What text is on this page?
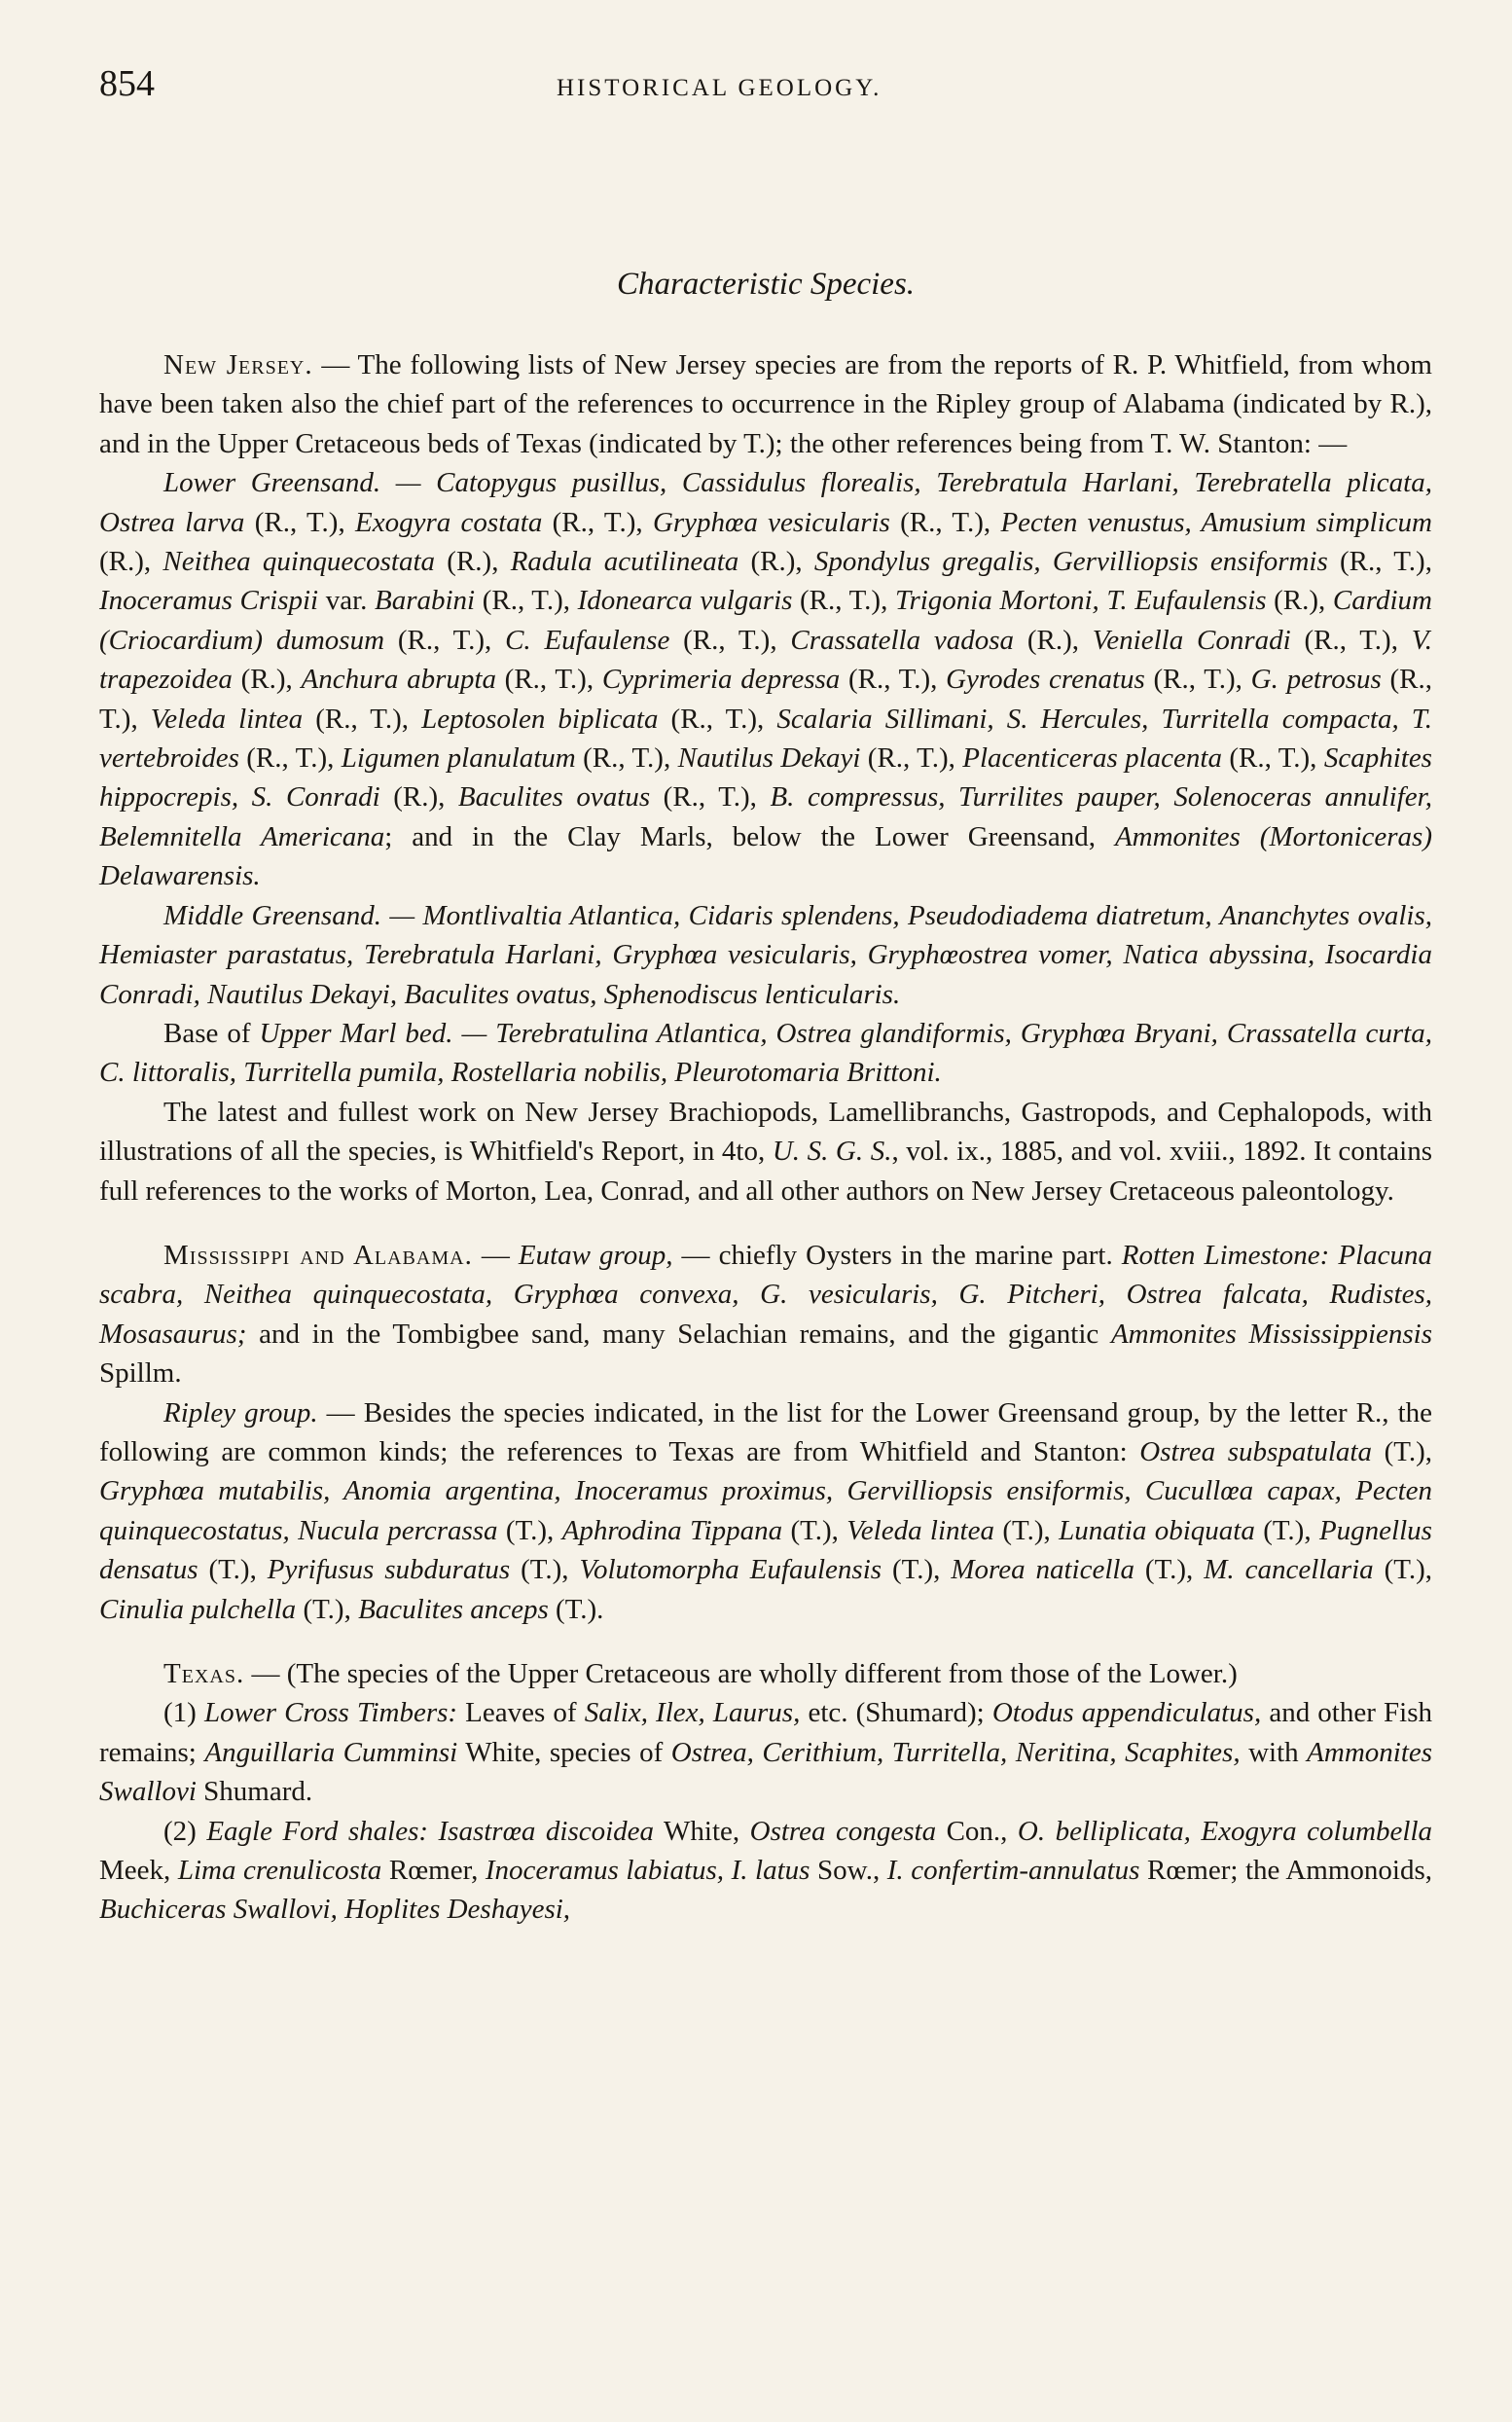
854	HISTORICAL GEOLOGY.
Characteristic Species.

New Jersey. — The following lists of New Jersey species are from the reports of R. P. Whitfield, from whom have been taken also the chief part of the references to occurrence in the Ripley group of Alabama (indicated by R.), and in the Upper Cretaceous beds of Texas (indicated by T.); the other references being from T. W. Stanton: —

Lower Greensand. — Catopygus pusillus, Cassidulus florealis, Terebratula Harlani, Terebratella plicata, Ostrea larva (R., T.), Exogyra costata (R., T.), Gryphœa vesicularis (R., T.), Pecten venustus, Amusium simplicum (R.), Neithea quinquecostata (R.), Radula acutilineata (R.), Spondylus gregalis, Gervilliopsis ensiformis (R., T.), Inoceramus Crispii var. Barabini (R., T.), Idonearca vulgaris (R., T.), Trigonia Mortoni, T. Eufaulensis (R.), Cardium (Criocardium) dumosum (R., T.), C. Eufaulense (R., T.), Crassatella vadosa (R.), Veniella Conradi (R., T.), V. trapezoidea (R.), Anchura abrupta (R., T.), Cyprimeria depressa (R., T.), Gyrodes crenatus (R., T.), G. petrosus (R., T.), Veleda lintea (R., T.), Leptosolen biplicata (R., T.), Scalaria Sillimani, S. Hercules, Turritella compacta, T. vertebroides (R., T.), Ligumen planulatum (R., T.), Nautilus Dekayi (R., T.), Placenticeras placenta (R., T.), Scaphites hippocrepis, S. Conradi (R.), Baculites ovatus (R., T.), B. compressus, Turrilites pauper, Solenoceras annulifer, Belemnitella Americana; and in the Clay Marls, below the Lower Greensand, Ammonites (Mortoniceras) Delawarensis.

Middle Greensand. — Montlivaltia Atlantica, Cidaris splendens, Pseudodiadema diatretum, Ananchytes ovalis, Hemiaster parastatus, Terebratula Harlani, Gryphœa vesicularis, Gryphœostrea vomer, Natica abyssina, Isocardia Conradi, Nautilus Dekayi, Baculites ovatus, Sphenodiscus lenticularis.

Base of Upper Marl bed. — Terebratulina Atlantica, Ostrea glandiformis, Gryphœa Bryani, Crassatella curta, C. littoralis, Turritella pumila, Rostellaria nobilis, Pleurotomaria Brittoni.

The latest and fullest work on New Jersey Brachiopods, Lamellibranchs, Gastropods, and Cephalopods, with illustrations of all the species, is Whitfield's Report, in 4to, U. S. G. S., vol. ix., 1885, and vol. xviii., 1892. It contains full references to the works of Morton, Lea, Conrad, and all other authors on New Jersey Cretaceous paleontology.

Mississippi and Alabama. — Eutaw group, — chiefly Oysters in the marine part. Rotten Limestone: Placuna scabra, Neithea quinquecostata, Gryphœa convexa, G. vesicularis, G. Pitcheri, Ostrea falcata, Rudistes, Mosasaurus; and in the Tombigbee sand, many Selachian remains, and the gigantic Ammonites Mississippiensis Spillm.

Ripley group. — Besides the species indicated, in the list for the Lower Greensand group, by the letter R., the following are common kinds; the references to Texas are from Whitfield and Stanton: Ostrea subspatulata (T.), Gryphœa mutabilis, Anomia argentina, Inoceramus proximus, Gervilliopsis ensiformis, Cucullœa capax, Pecten quinquecostatus, Nucula percrassa (T.), Aphrodina Tippana (T.), Veleda lintea (T.), Lunatia obiquata (T.), Pugnellus densatus (T.), Pyrifusus subduratus (T.), Volutomorpha Eufaulensis (T.), Morea naticella (T.), M. cancellaria (T.), Cinulia pulchella (T.), Baculites anceps (T.).

Texas. — (The species of the Upper Cretaceous are wholly different from those of the Lower.)

(1) Lower Cross Timbers: Leaves of Salix, Ilex, Laurus, etc. (Shumard); Otodus appendiculatus, and other Fish remains; Anguillaria Cumminsi White, species of Ostrea, Cerithium, Turritella, Neritina, Scaphites, with Ammonites Swallovi Shumard.

(2) Eagle Ford shales: Isastrœa discoidea White, Ostrea congesta Con., O. belliplicata, Exogyra columbella Meek, Lima crenulicosta Rœmer, Inoceramus labiatus, I. latus Sow., I. confertim-annulatus Rœmer; the Ammonoids, Buchiceras Swallovi, Hoplites Deshayesi,
